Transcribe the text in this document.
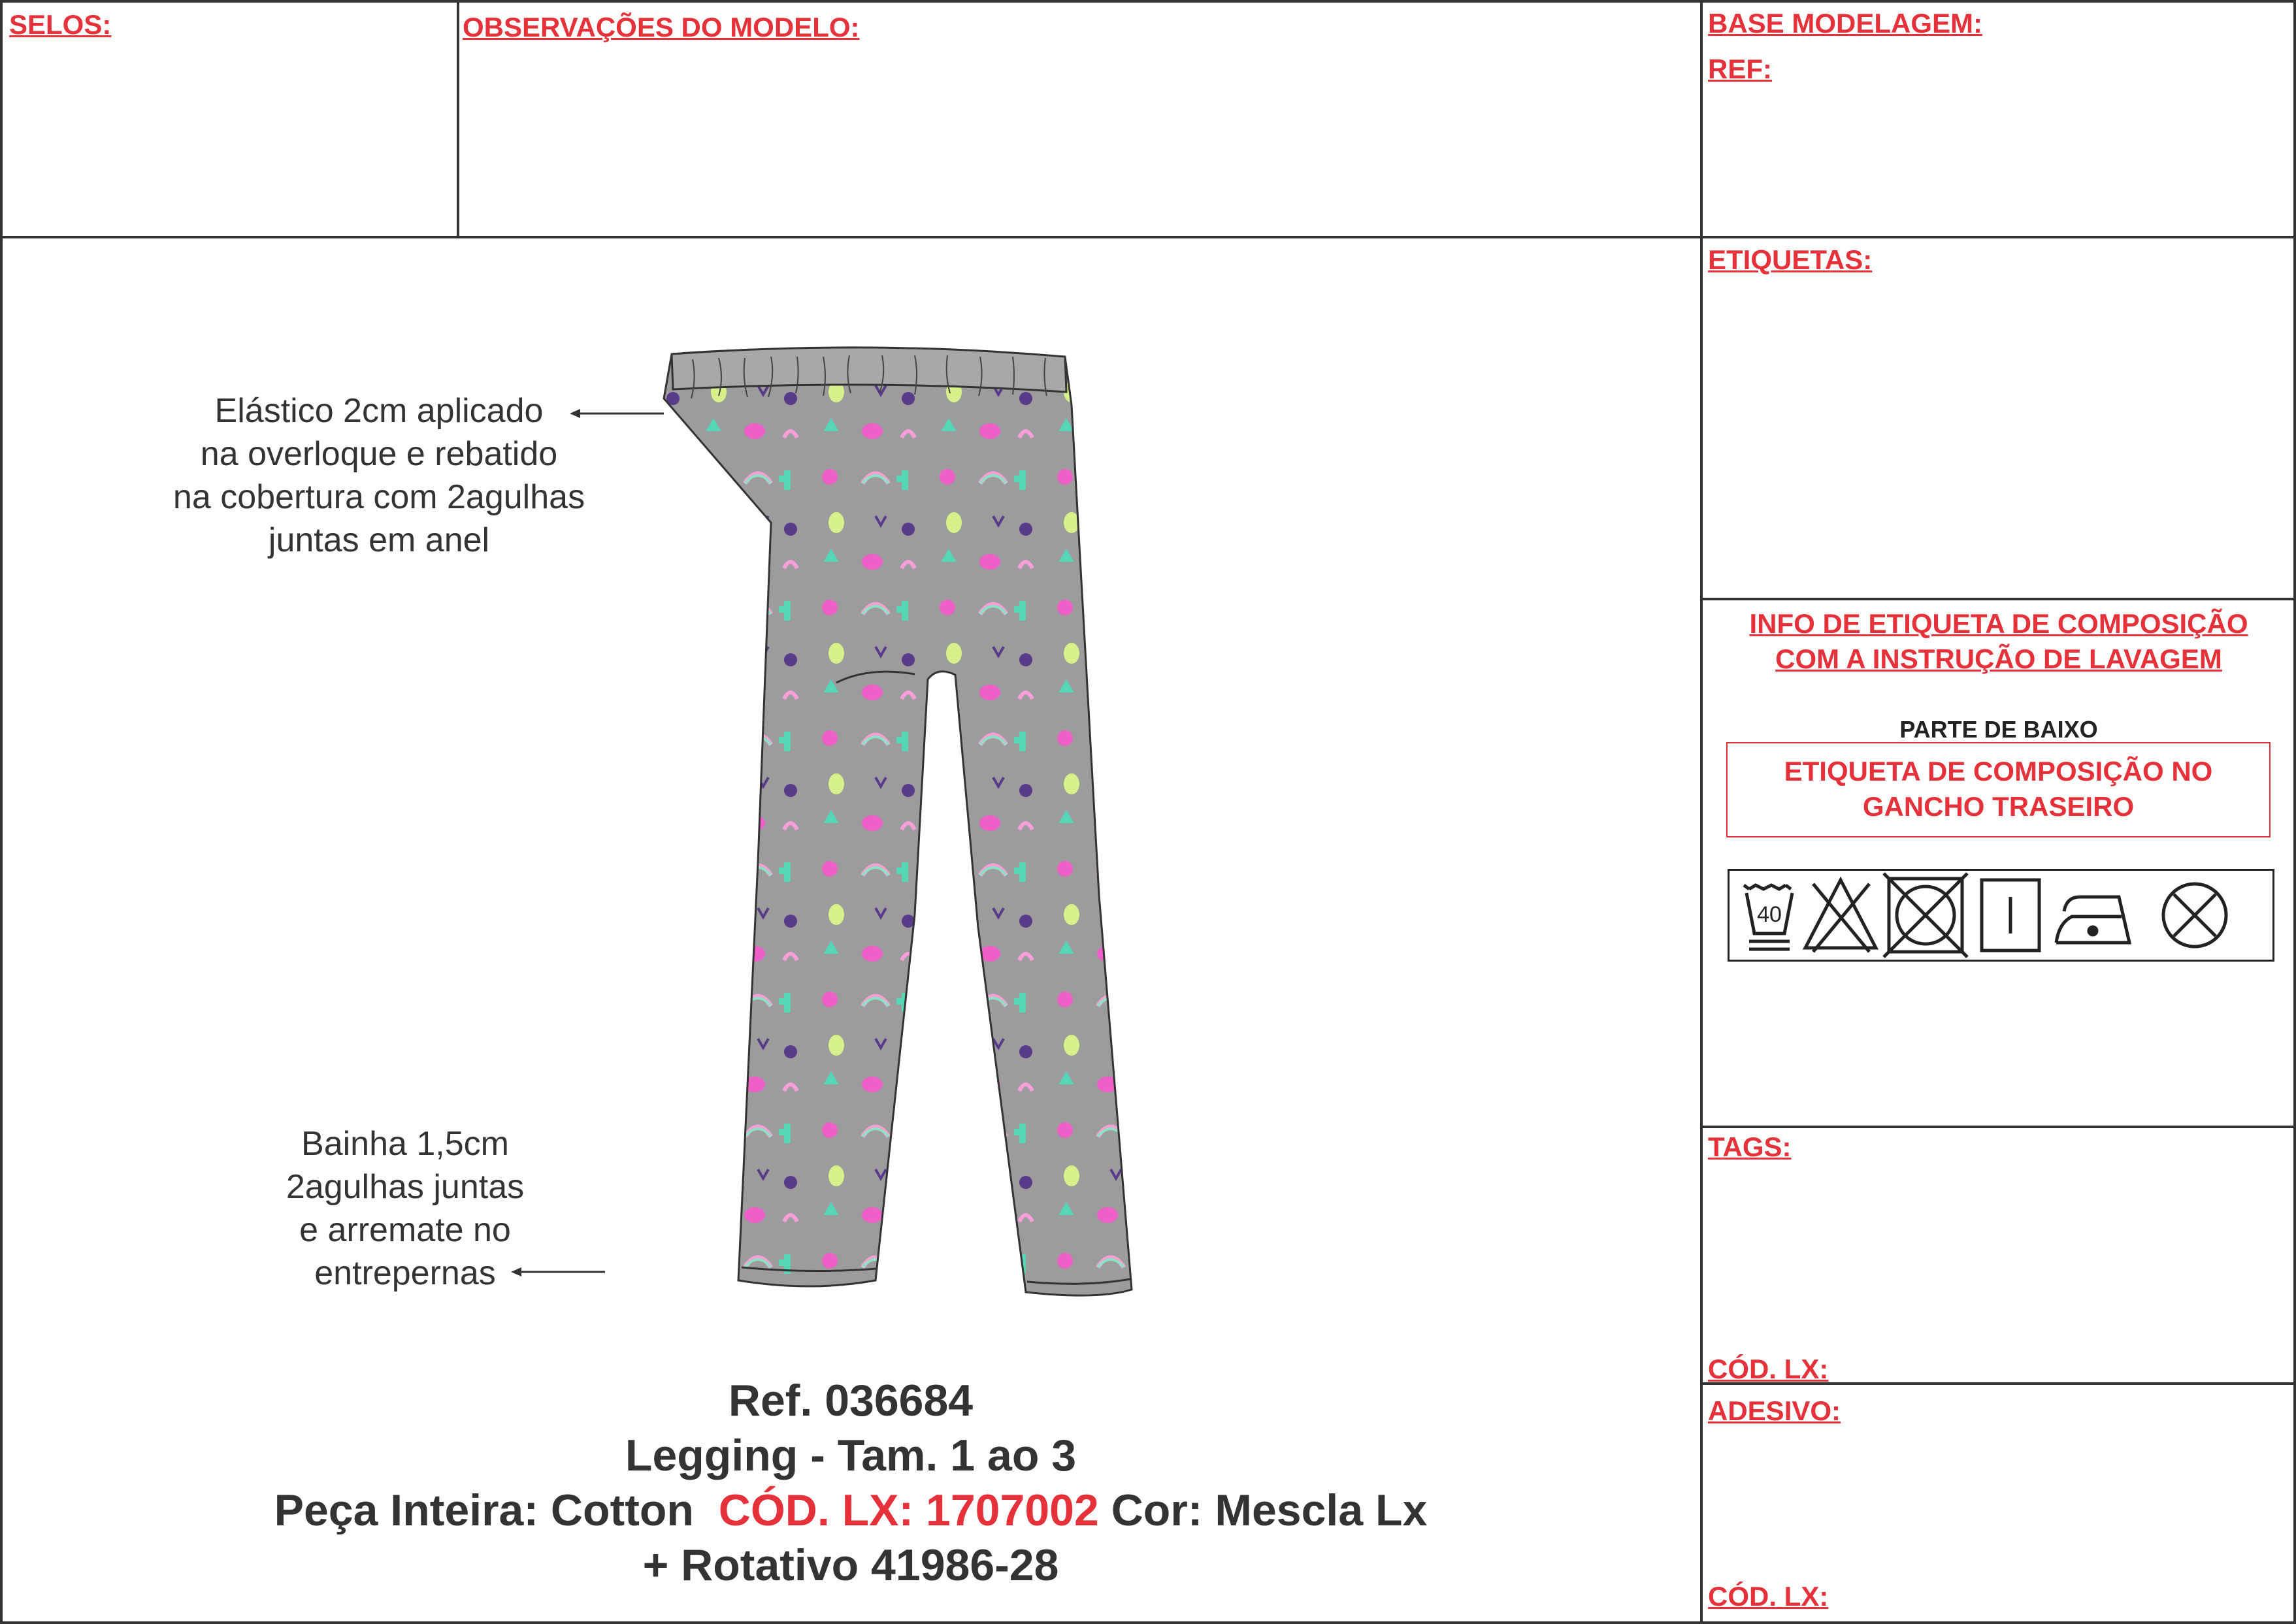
SELOS:	OBSERVAÇÕES DO MODELO:	BASE MODELAGEM:
REF:
ETIQUETAS:
INFO DE ETIQUETA DE COMPOSIÇÃO
COM A INSTRUÇÃO DE LAVAGEM
PARTE DE BAIXO
ETIQUETA DE COMPOSIÇÃO NO
GANCHO TRASEIRO
40
TAGS:
CÓD. LX:
ADESIVO:
CÓD. LX:
Elástico 2cm aplicado
na overloque e rebatido
na cobertura com 2agulhas
juntas em anel
Bainha 1,5cm
2agulhas juntas
e arremate no
entrepernas
Ref. 036684
Legging - Tam. 1 ao 3
Peça Inteira: Cotton CÓD. LX: 1707002 Cor: Mescla Lx
+ Rotativo 41986-28
